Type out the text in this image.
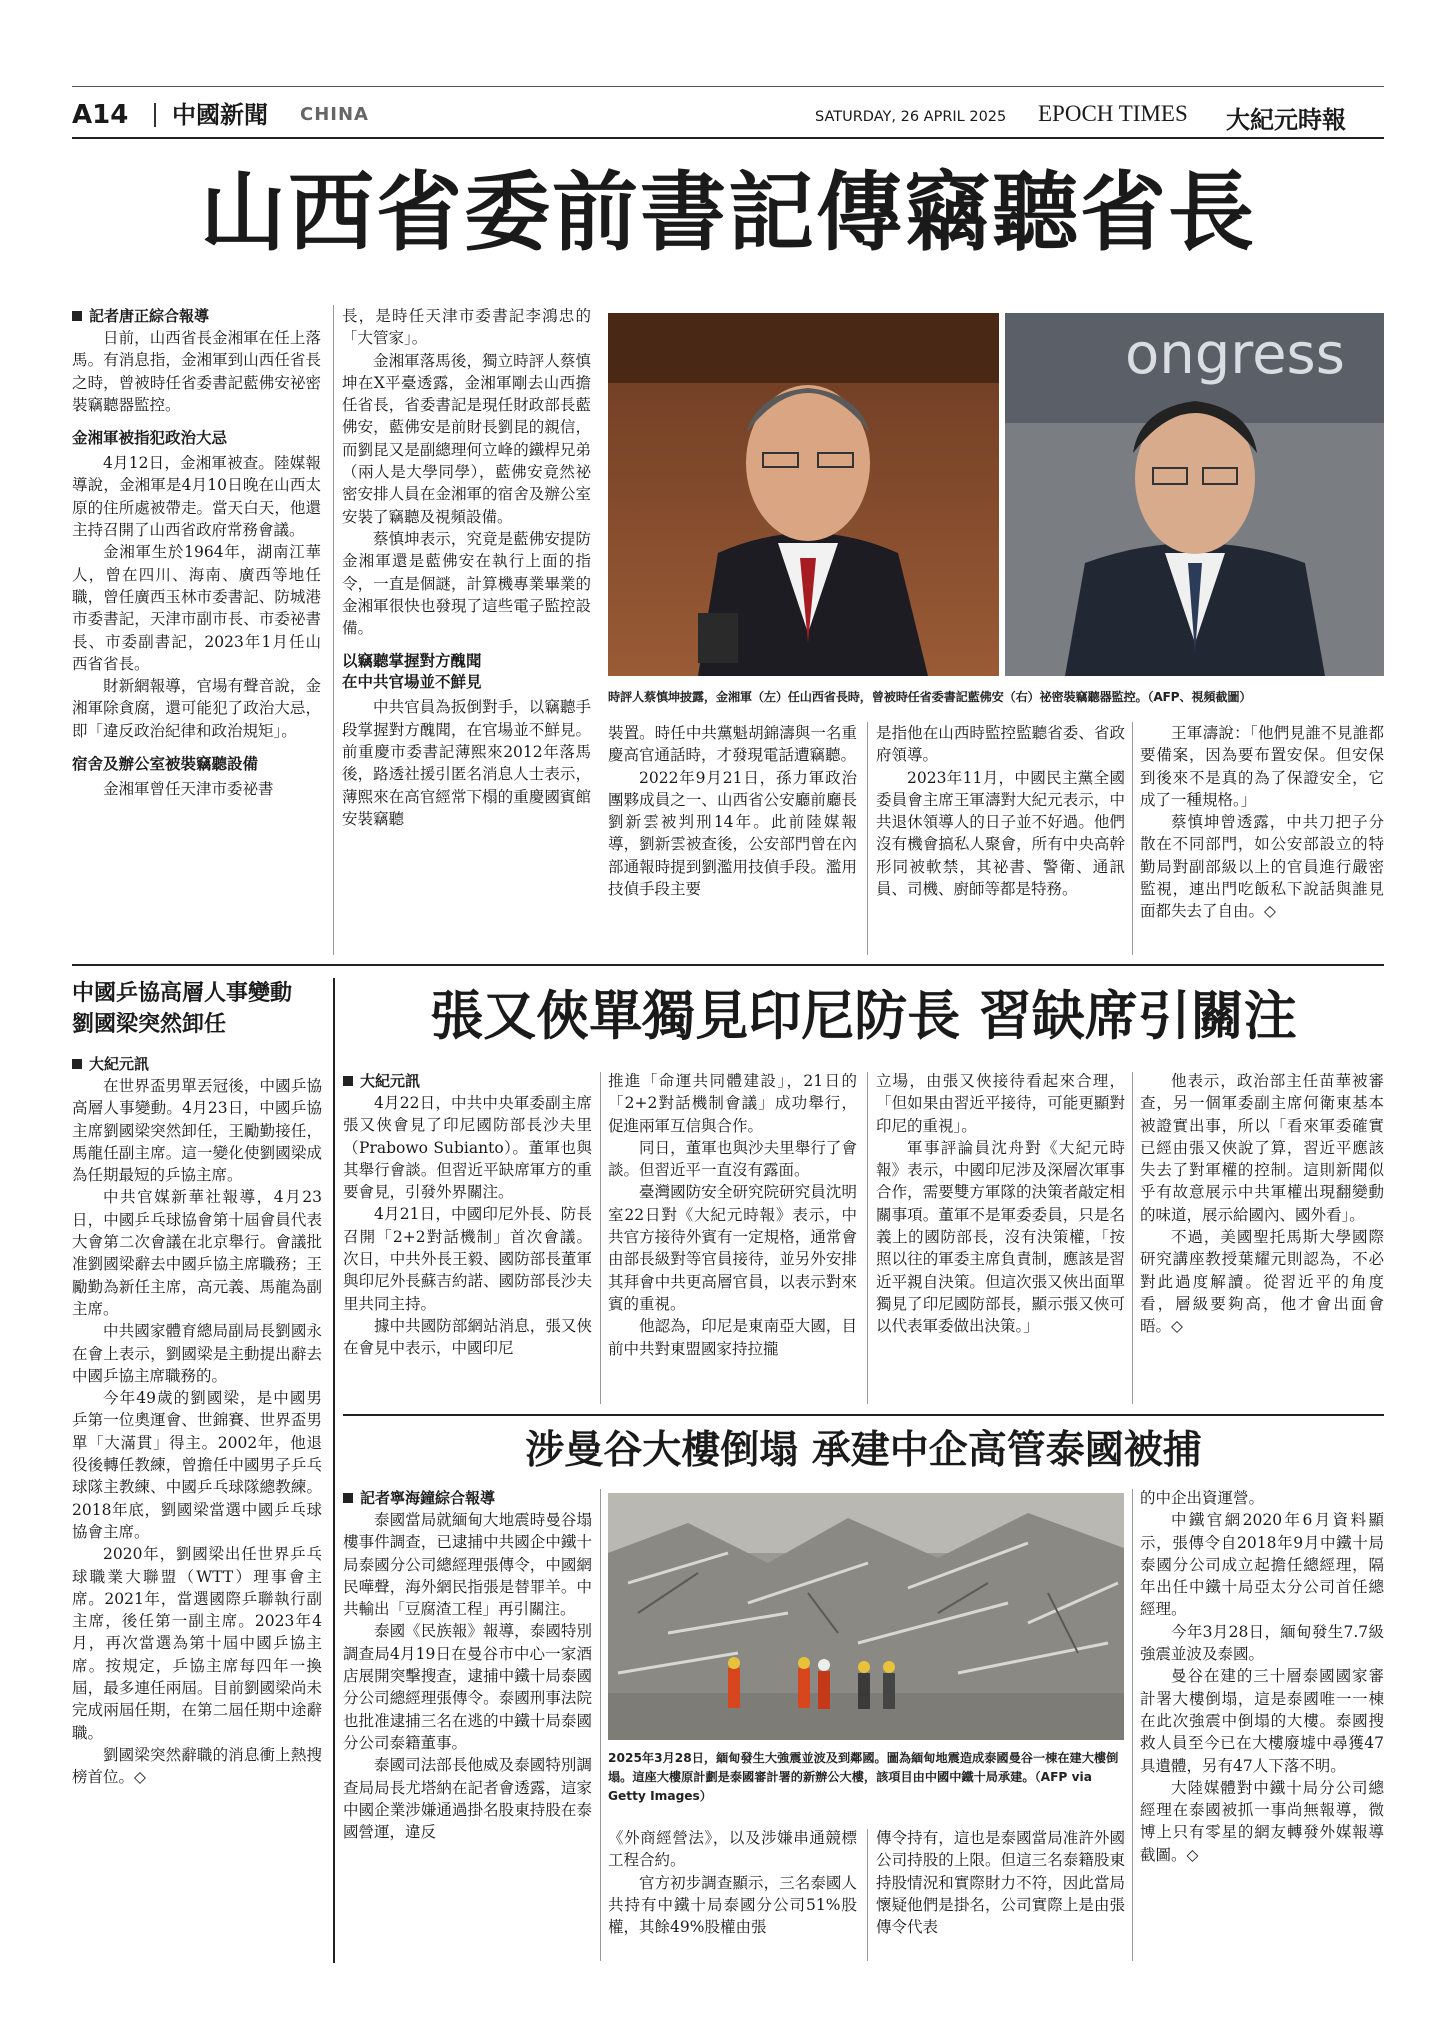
A14 中國新聞 CHINA	SATURDAY, 26 APRIL 2025 EPOCH TIMES 大紀元時報
山西省委前書記傳竊聽省長
記者唐正綜合報導

日前，山西省長金湘軍在任上落馬。有消息指，金湘軍到山西任省長之時，曾被時任省委書記藍佛安祕密裝竊聽器監控。

金湘軍被指犯政治大忌

4月12日，金湘軍被查。陸媒報導說，金湘軍是4月10日晚在山西太原的住所處被帶走。當天白天，他還主持召開了山西省政府常務會議。

金湘軍生於1964年，湖南江華人，曾在四川、海南、廣西等地任職，曾任廣西玉林市委書記、防城港市委書記，天津市副市長、市委祕書長、市委副書記，2023年1月任山西省省長。

財新網報導，官場有聲音說，金湘軍除貪腐，還可能犯了政治大忌，即「違反政治紀律和政治規矩」。

宿舍及辦公室被裝竊聽設備

金湘軍曾任天津市委祕書

長，是時任天津市委書記李鴻忠的「大管家」。

金湘軍落馬後，獨立時評人蔡慎坤在X平臺透露，金湘軍剛去山西擔任省長，省委書記是現任財政部長藍佛安，藍佛安是前財長劉昆的親信，而劉昆又是副總理何立峰的鐵桿兄弟（兩人是大學同學），藍佛安竟然祕密安排人員在金湘軍的宿舍及辦公室安裝了竊聽及視頻設備。

蔡慎坤表示，究竟是藍佛安提防金湘軍還是藍佛安在執行上面的指令，一直是個謎，計算機專業畢業的金湘軍很快也發現了這些電子監控設備。

以竊聽掌握對方醜聞
在中共官場並不鮮見

中共官員為扳倒對手，以竊聽手段掌握對方醜聞，在官場並不鮮見。前重慶市委書記薄熙來2012年落馬後，路透社援引匿名消息人士表示，薄熙來在高官經常下榻的重慶國賓館安裝竊聽

ongress
時評人蔡慎坤披露，金湘軍（左）任山西省長時，曾被時任省委書記藍佛安（右）祕密裝竊聽器監控。（AFP、視頻截圖）

裝置。時任中共黨魁胡錦濤與一名重慶高官通話時，才發現電話遭竊聽。

2022年9月21日，孫力軍政治團夥成員之一、山西省公安廳前廳長劉新雲被判刑14年。此前陸媒報導，劉新雲被查後，公安部門曾在內部通報時提到劉濫用技偵手段。濫用技偵手段主要

是指他在山西時監控監聽省委、省政府領導。

2023年11月，中國民主黨全國委員會主席王軍濤對大紀元表示，中共退休領導人的日子並不好過。他們沒有機會搞私人聚會，所有中央高幹形同被軟禁，其祕書、警衛、通訊員、司機、廚師等都是特務。

王軍濤說：「他們見誰不見誰都要備案，因為要布置安保。但安保到後來不是真的為了保證安全，它成了一種規格。」

蔡慎坤曾透露，中共刀把子分散在不同部門，如公安部設立的特勤局對副部級以上的官員進行嚴密監視，連出門吃飯私下說話與誰見面都失去了自由。◇

中國乒協高層人事變動
劉國梁突然卸任
大紀元訊

在世界盃男單丟冠後，中國乒協高層人事變動。4月23日，中國乒協主席劉國梁突然卸任，王勵勤接任，馬龍任副主席。這一變化使劉國梁成為任期最短的乒協主席。

中共官媒新華社報導，4月23日，中國乒乓球協會第十屆會員代表大會第二次會議在北京舉行。會議批准劉國梁辭去中國乒協主席職務；王勵勤為新任主席，高元義、馬龍為副主席。

中共國家體育總局副局長劉國永在會上表示，劉國梁是主動提出辭去中國乒協主席職務的。

今年49歲的劉國梁，是中國男乒第一位奧運會、世錦賽、世界盃男單「大滿貫」得主。2002年，他退役後轉任教練，曾擔任中國男子乒乓球隊主教練、中國乒乓球隊總教練。2018年底，劉國梁當選中國乒乓球協會主席。

2020年，劉國梁出任世界乒乓球職業大聯盟（WTT）理事會主席。2021年，當選國際乒聯執行副主席，後任第一副主席。2023年4月，再次當選為第十屆中國乒協主席。按規定，乒協主席每四年一換屆，最多連任兩屆。目前劉國梁尚未完成兩屆任期，在第二屆任期中途辭職。

劉國梁突然辭職的消息衝上熱搜榜首位。◇

張又俠單獨見印尼防長 習缺席引關注
大紀元訊

4月22日，中共中央軍委副主席張又俠會見了印尼國防部長沙夫里（Prabowo Subianto）。董軍也與其舉行會談。但習近平缺席軍方的重要會見，引發外界關注。

4月21日，中國印尼外長、防長召開「2+2對話機制」首次會議。次日，中共外長王毅、國防部長董軍與印尼外長蘇吉約諾、國防部長沙夫里共同主持。

據中共國防部網站消息，張又俠在會見中表示，中國印尼

推進「命運共同體建設」，21日的「2+2對話機制會議」成功舉行，促進兩軍互信與合作。

同日，董軍也與沙夫里舉行了會談。但習近平一直沒有露面。

臺灣國防安全研究院研究員沈明室22日對《大紀元時報》表示，中共官方接待外賓有一定規格，通常會由部長級對等官員接待，並另外安排其拜會中共更高層官員，以表示對來賓的重視。

他認為，印尼是東南亞大國，目前中共對東盟國家持拉攏

立場，由張又俠接待看起來合理，「但如果由習近平接待，可能更顯對印尼的重視」。

軍事評論員沈舟對《大紀元時報》表示，中國印尼涉及深層次軍事合作，需要雙方軍隊的決策者敲定相關事項。董軍不是軍委委員，只是名義上的國防部長，沒有決策權，「按照以往的軍委主席負責制，應該是習近平親自決策。但這次張又俠出面單獨見了印尼國防部長，顯示張又俠可以代表軍委做出決策。」

他表示，政治部主任苗華被審查，另一個軍委副主席何衛東基本被證實出事，所以「看來軍委確實已經由張又俠說了算，習近平應該失去了對軍權的控制。這則新聞似乎有故意展示中共軍權出現翻變動的味道，展示給國內、國外看」。

不過，美國聖托馬斯大學國際研究講座教授葉耀元則認為，不必對此過度解讀。從習近平的角度看，層級要夠高，他才會出面會晤。◇

涉曼谷大樓倒塌 承建中企高管泰國被捕
記者寧海鐘綜合報導

泰國當局就緬甸大地震時曼谷塌樓事件調查，已逮捕中共國企中鐵十局泰國分公司總經理張傳令，中國網民嘩聲，海外網民指張是替罪羊。中共輸出「豆腐渣工程」再引關注。

泰國《民族報》報導，泰國特別調查局4月19日在曼谷市中心一家酒店展開突擊搜查，逮捕中鐵十局泰國分公司總經理張傳令。泰國刑事法院也批准逮捕三名在逃的中鐵十局泰國分公司泰籍董事。

泰國司法部長他威及泰國特別調查局局長尤塔納在記者會透露，這家中國企業涉嫌通過掛名股東持股在泰國營運，違反

2025年3月28日，緬甸發生大強震並波及到鄰國。圖為緬甸地震造成泰國曼谷一棟在建大樓倒塌。這座大樓原計劃是泰國審計署的新辦公大樓，該項目由中國中鐵十局承建。（AFP via Getty Images）

《外商經營法》，以及涉嫌串通競標工程合約。

官方初步調查顯示，三名泰國人共持有中鐵十局泰國分公司51%股權，其餘49%股權由張

傳令持有，這也是泰國當局准許外國公司持股的上限。但這三名泰籍股東持股情況和實際財力不符，因此當局懷疑他們是掛名，公司實際上是由張傳令代表

的中企出資運營。

中鐵官網2020年6月資料顯示，張傳令自2018年9月中鐵十局泰國分公司成立起擔任總經理，隔年出任中鐵十局亞太分公司首任總經理。

今年3月28日，緬甸發生7.7級強震並波及泰國。

曼谷在建的三十層泰國國家審計署大樓倒塌，這是泰國唯一一棟在此次強震中倒塌的大樓。泰國搜救人員至今已在大樓廢墟中尋獲47具遺體，另有47人下落不明。

大陸媒體對中鐵十局分公司總經理在泰國被抓一事尚無報導，微博上只有零星的網友轉發外媒報導截圖。◇
